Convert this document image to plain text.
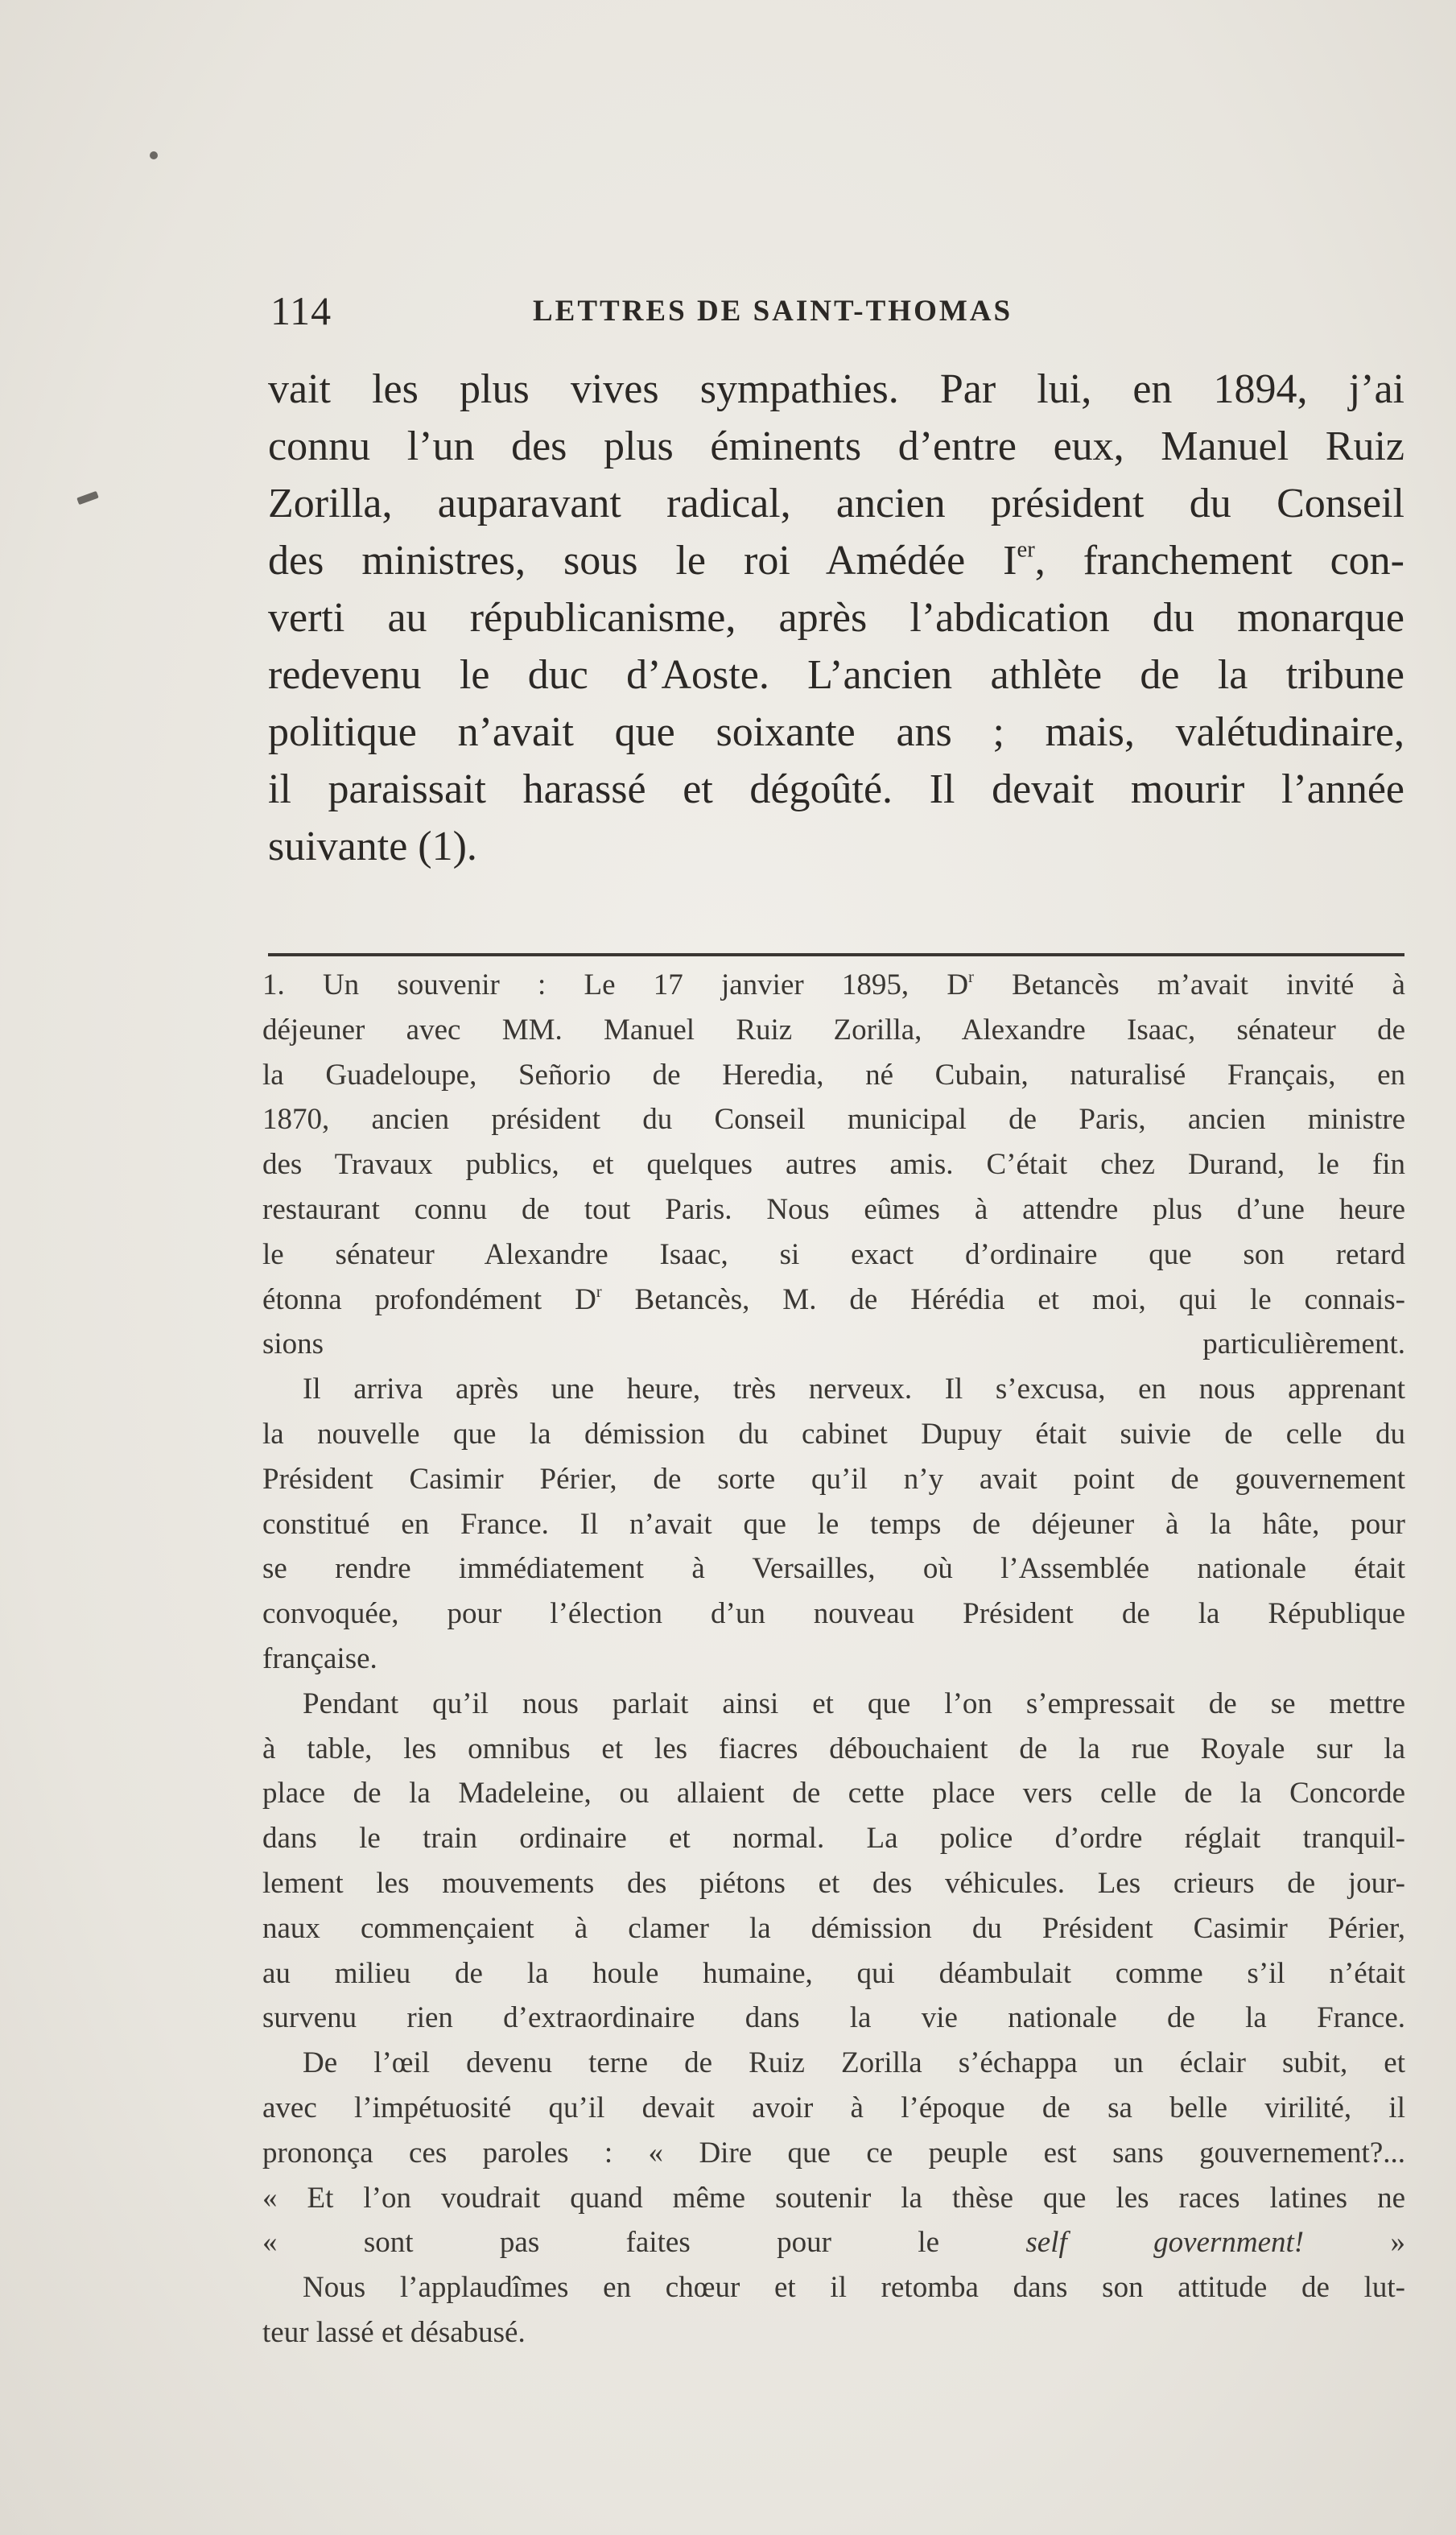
114	LETTRES DE SAINT-THOMAS
vait les plus vives sympathies. Par lui, en 1894, j’ai
connu l’un des plus éminents d’entre eux, Manuel Ruiz
Zorilla, auparavant radical, ancien président du Conseil
des ministres, sous le roi Amédée Ier, franchement con-
verti au républicanisme, après l’abdication du monarque
redevenu le duc d’Aoste. L’ancien athlète de la tribune
politique n’avait que soixante ans ; mais, valétudinaire,
il paraissait harassé et dégoûté. Il devait mourir l’année
suivante (1).
1. Un souvenir : Le 17 janvier 1895, $D^r$ Betancès m’avait invité à
déjeuner avec MM. Manuel Ruiz Zorilla, Alexandre Isaac, sénateur de
la Guadeloupe, Señorio de Heredia, né Cubain, naturalisé Français, en
1870, ancien président du Conseil municipal de Paris, ancien ministre
des Travaux publics, et quelques autres amis. C’était chez Durand, le fin
restaurant connu de tout Paris. Nous eûmes à attendre plus d’une heure
le sénateur Alexandre Isaac, si exact d’ordinaire que son retard
étonna profondément $D^r$ Betancès, M. de Hérédia et moi, qui le connais-
sions particulièrement.
Il arriva après une heure, très nerveux. Il s’excusa, en nous apprenant
la nouvelle que la démission du cabinet Dupuy était suivie de celle du
Président Casimir Périer, de sorte qu’il n’y avait point de gouvernement
constitué en France. Il n’avait que le temps de déjeuner à la hâte, pour
se rendre immédiatement à Versailles, où l’Assemblée nationale était
convoquée, pour l’élection d’un nouveau Président de la République
française.
Pendant qu’il nous parlait ainsi et que l’on s’empressait de se mettre
à table, les omnibus et les fiacres débouchaient de la rue Royale sur la
place de la Madeleine, ou allaient de cette place vers celle de la Concorde
dans le train ordinaire et normal. La police d’ordre réglait tranquil-
lement les mouvements des piétons et des véhicules. Les crieurs de jour-
naux commençaient à clamer la démission du Président Casimir Périer,
au milieu de la houle humaine, qui déambulait comme s’il n’était
survenu rien d’extraordinaire dans la vie nationale de la France.
De l’œil devenu terne de Ruiz Zorilla s’échappa un éclair subit, et
avec l’impétuosité qu’il devait avoir à l’époque de sa belle virilité, il
prononça ces paroles : « Dire que ce peuple est sans gouvernement?...
« Et l’on voudrait quand même soutenir la thèse que les races latines ne
« sont pas faites pour le self government! »
Nous l’applaudîmes en chœur et il retomba dans son attitude de lut-
teur lassé et désabusé.
